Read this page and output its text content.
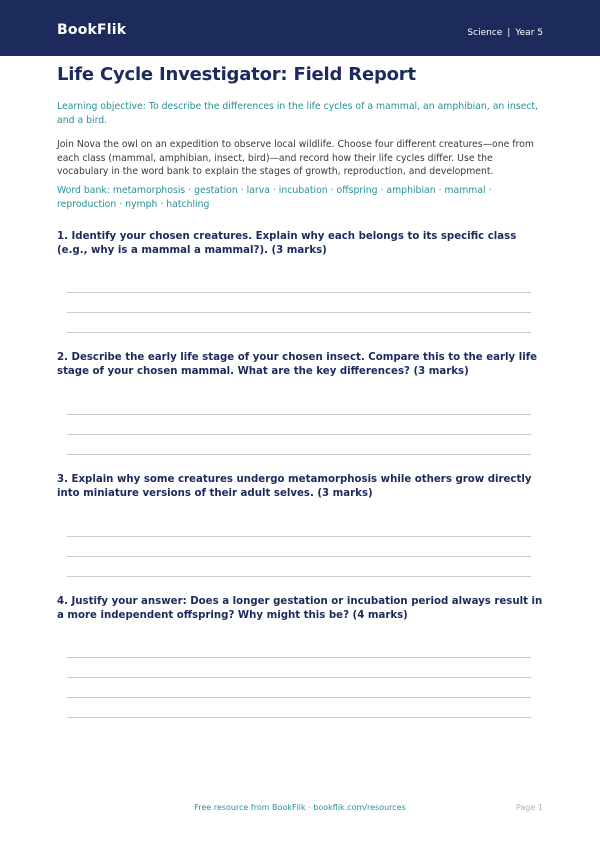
BookFlik	Science | Year 5
Life Cycle Investigator: Field Report

Learning objective: To describe the differences in the life cycles of a mammal, an amphibian, an insect, and a bird.

Join Nova the owl on an expedition to observe local wildlife. Choose four different creatures—one from each class (mammal, amphibian, insect, bird)—and record how their life cycles differ. Use the vocabulary in the word bank to explain the stages of growth, reproduction, and development.

Word bank: metamorphosis · gestation · larva · incubation · offspring · amphibian · mammal · reproduction · nymph · hatchling

1. Identify your chosen creatures. Explain why each belongs to its specific class (e.g., why is a mammal a mammal?). (3 marks)

2. Describe the early life stage of your chosen insect. Compare this to the early life stage of your chosen mammal. What are the key differences? (3 marks)

3. Explain why some creatures undergo metamorphosis while others grow directly into miniature versions of their adult selves. (3 marks)

4. Justify your answer: Does a longer gestation or incubation period always result in a more independent offspring? Why might this be? (4 marks)

Free resource from BookFlik · bookflik.com/resources	Page 1
